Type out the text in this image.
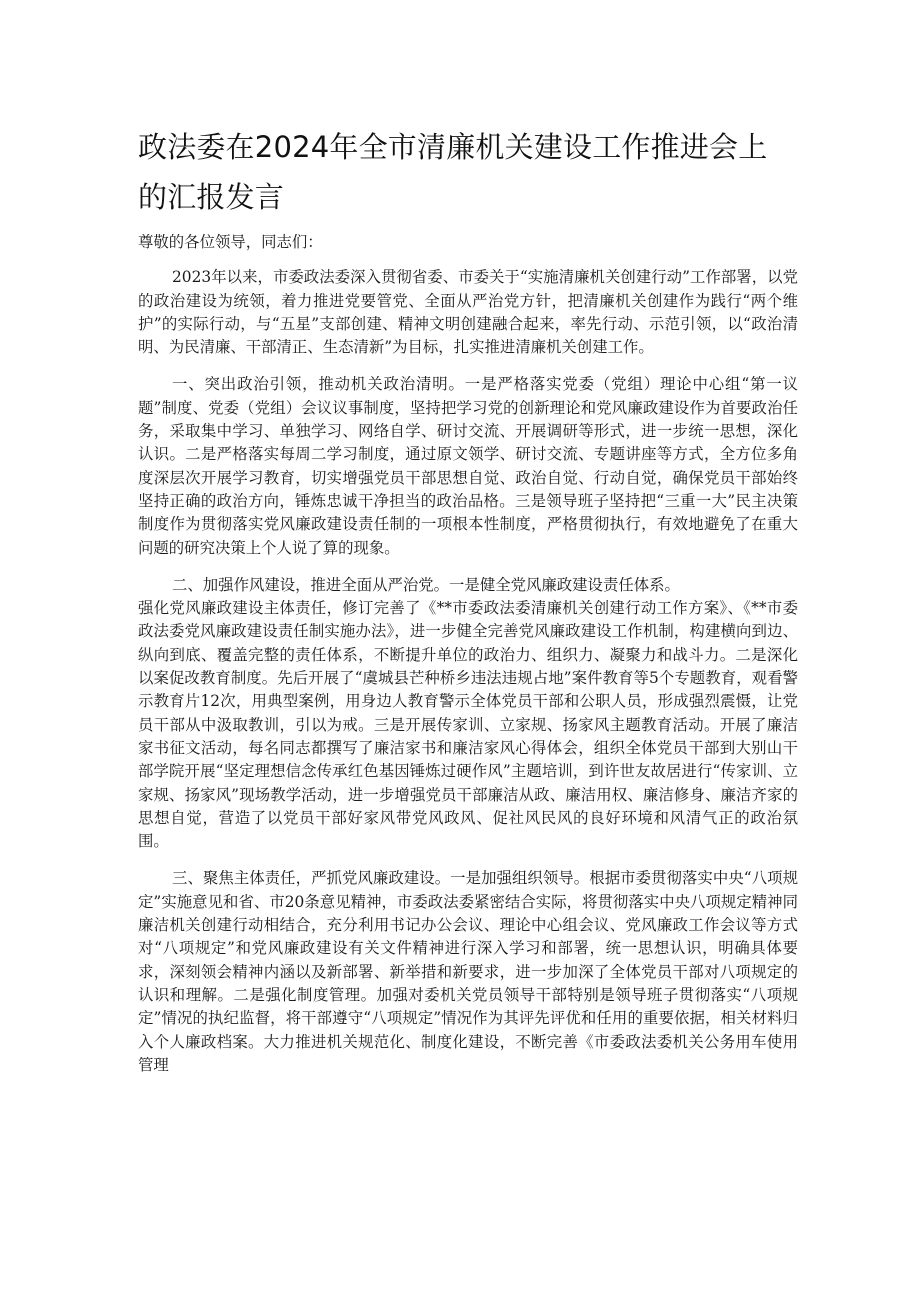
政法委在2024年全市清廉机关建设工作推进会上的汇报发言

尊敬的各位领导，同志们：

2023年以来，市委政法委深入贯彻省委、市委关于“实施清廉机关创建行动”工作部署，以党的政治建设为统领，着力推进党要管党、全面从严治党方针，把清廉机关创建作为践行“两个维护”的实际行动，与“五星”支部创建、精神文明创建融合起来，率先行动、示范引领，以“政治清明、为民清廉、干部清正、生态清新”为目标，扎实推进清廉机关创建工作。

一、突出政治引领，推动机关政治清明。一是严格落实党委（党组）理论中心组“第一议题”制度、党委（党组）会议议事制度，坚持把学习党的创新理论和党风廉政建设作为首要政治任务，采取集中学习、单独学习、网络自学、研讨交流、开展调研等形式，进一步统一思想，深化认识。二是严格落实每周二学习制度，通过原文领学、研讨交流、专题讲座等方式，全方位多角度深层次开展学习教育，切实增强党员干部思想自觉、政治自觉、行动自觉，确保党员干部始终坚持正确的政治方向，锤炼忠诚干净担当的政治品格。三是领导班子坚持把“三重一大”民主决策制度作为贯彻落实党风廉政建设责任制的一项根本性制度，严格贯彻执行，有效地避免了在重大问题的研究决策上个人说了算的现象。

二、加强作风建设，推进全面从严治党。一是健全党风廉政建设责任体系。

强化党风廉政建设主体责任，修订完善了《**市委政法委清廉机关创建行动工作方案》、《**市委政法委党风廉政建设责任制实施办法》，进一步健全完善党风廉政建设工作机制，构建横向到边、纵向到底、覆盖完整的责任体系，不断提升单位的政治力、组织力、凝聚力和战斗力。二是深化以案促改教育制度。先后开展了“虞城县芒种桥乡违法违规占地”案件教育等5个专题教育，观看警示教育片12次，用典型案例，用身边人教育警示全体党员干部和公职人员，形成强烈震慑，让党员干部从中汲取教训，引以为戒。三是开展传家训、立家规、扬家风主题教育活动。开展了廉洁家书征文活动，每名同志都撰写了廉洁家书和廉洁家风心得体会，组织全体党员干部到大别山干部学院开展“坚定理想信念传承红色基因锤炼过硬作风”主题培训，到许世友故居进行“传家训、立家规、扬家风”现场教学活动，进一步增强党员干部廉洁从政、廉洁用权、廉洁修身、廉洁齐家的思想自觉，营造了以党员干部好家风带党风政风、促社风民风的良好环境和风清气正的政治氛围。

三、聚焦主体责任，严抓党风廉政建设。一是加强组织领导。根据市委贯彻落实中央“八项规定”实施意见和省、市20条意见精神，市委政法委紧密结合实际，将贯彻落实中央八项规定精神同廉洁机关创建行动相结合，充分利用书记办公会议、理论中心组会议、党风廉政工作会议等方式对“八项规定”和党风廉政建设有关文件精神进行深入学习和部署，统一思想认识，明确具体要求，深刻领会精神内涵以及新部署、新举措和新要求，进一步加深了全体党员干部对八项规定的认识和理解。二是强化制度管理。加强对委机关党员领导干部特别是领导班子贯彻落实“八项规定”情况的执纪监督，将干部遵守“八项规定”情况作为其评先评优和任用的重要依据，相关材料归入个人廉政档案。大力推进机关规范化、制度化建设，不断完善《市委政法委机关公务用车使用管理
